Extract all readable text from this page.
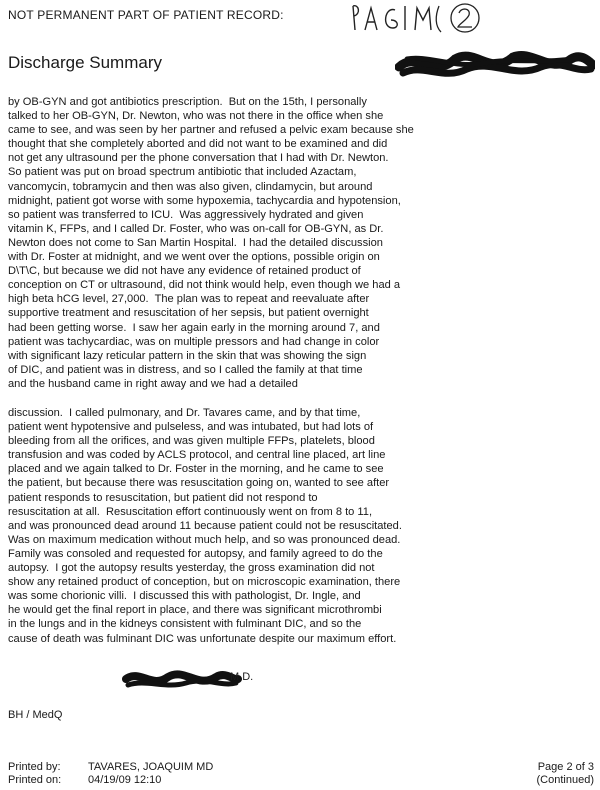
NOT PERMANENT PART OF PATIENT RECORD:
Discharge Summary
by OB-GYN and got antibiotics prescription.  But on the 15th, I personally
talked to her OB-GYN, Dr. Newton, who was not there in the office when she
came to see, and was seen by her partner and refused a pelvic exam because she
thought that she completely aborted and did not want to be examined and did
not get any ultrasound per the phone conversation that I had with Dr. Newton.
So patient was put on broad spectrum antibiotic that included Azactam,
vancomycin, tobramycin and then was also given, clindamycin, but around
midnight, patient got worse with some hypoxemia, tachycardia and hypotension,
so patient was transferred to ICU.  Was aggressively hydrated and given
vitamin K, FFPs, and I called Dr. Foster, who was on-call for OB-GYN, as Dr.
Newton does not come to San Martin Hospital.  I had the detailed discussion
with Dr. Foster at midnight, and we went over the options, possible origin on
D\T\C, but because we did not have any evidence of retained product of
conception on CT or ultrasound, did not think would help, even though we had a
high beta hCG level, 27,000.  The plan was to repeat and reevaluate after
supportive treatment and resuscitation of her sepsis, but patient overnight
had been getting worse.  I saw her again early in the morning around 7, and
patient was tachycardiac, was on multiple pressors and had change in color
with significant lazy reticular pattern in the skin that was showing the sign
of DIC, and patient was in distress, and so I called the family at that time
and the husband came in right away and we had a detailed
discussion.  I called pulmonary, and Dr. Tavares came, and by that time,
patient went hypotensive and pulseless, and was intubated, but had lots of
bleeding from all the orifices, and was given multiple FFPs, platelets, blood
transfusion and was coded by ACLS protocol, and central line placed, art line
placed and we again talked to Dr. Foster in the morning, and he came to see
the patient, but because there was resuscitation going on, wanted to see after
patient responds to resuscitation, but patient did not respond to
resuscitation at all.  Resuscitation effort continuously went on from 8 to 11,
and was pronounced dead around 11 because patient could not be resuscitated.
Was on maximum medication without much help, and so was pronounced dead.
Family was consoled and requested for autopsy, and family agreed to do the
autopsy.  I got the autopsy results yesterday, the gross examination did not
show any retained product of conception, but on microscopic examination, there
was some chorionic villi.  I discussed this with pathologist, Dr. Ingle, and
he would get the final report in place, and there was significant microthrombi
in the lungs and in the kidneys consistent with fulminant DIC, and so the
cause of death was fulminant DIC was unfortunate despite our maximum effort.
M.D.
BH / MedQ
Printed by:
Printed on:
TAVARES, JOAQUIM MD
04/19/09 12:10
Page 2 of 3
(Continued)
